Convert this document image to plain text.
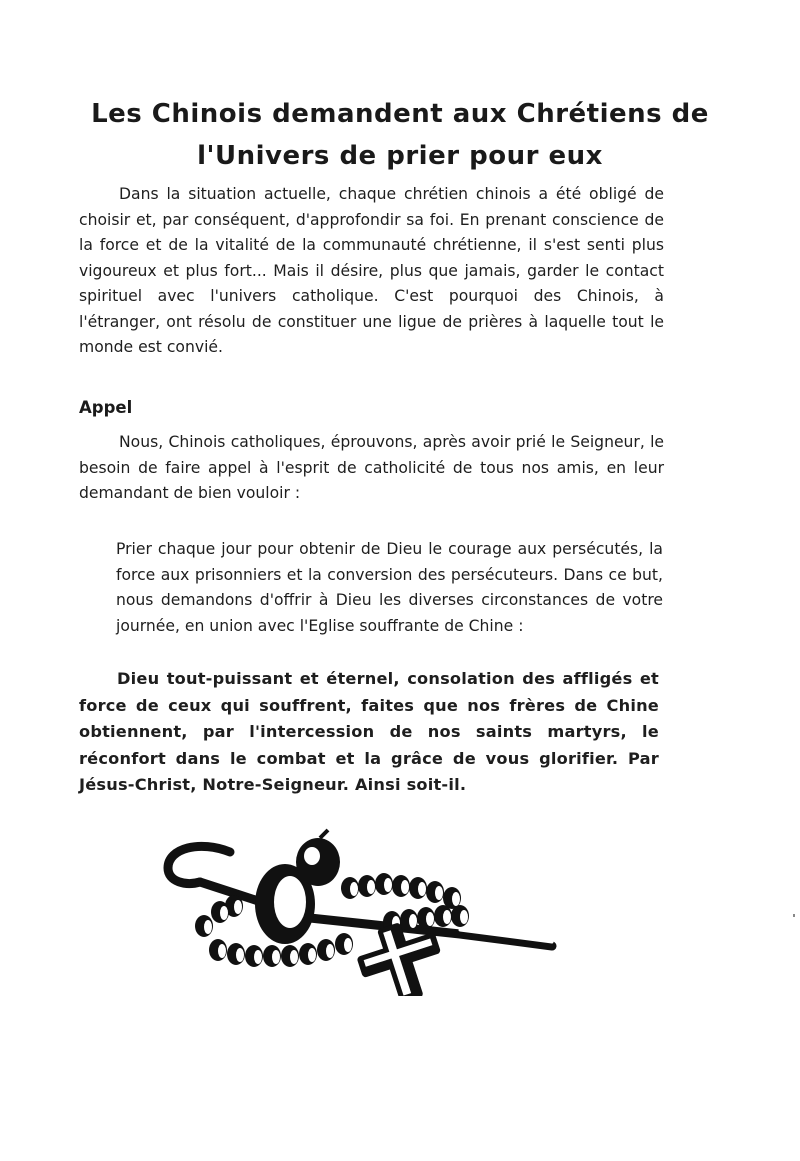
Les Chinois demandent aux Chrétiens de
l'Univers de prier pour eux

Dans la situation actuelle, chaque chrétien chinois a été obligé de choisir et, par conséquent, d'approfondir sa foi. En prenant conscience de la force et de la vitalité de la communauté chrétienne, il s'est senti plus vigoureux et plus fort... Mais il désire, plus que jamais, garder le contact spirituel avec l'univers catholique. C'est pourquoi des Chinois, à l'étranger, ont résolu de constituer une ligue de prières à laquelle tout le monde est convié.

Appel

Nous, Chinois catholiques, éprouvons, après avoir prié le Seigneur, le besoin de faire appel à l'esprit de catholicité de tous nos amis, en leur demandant de bien vouloir :

Prier chaque jour pour obtenir de Dieu le courage aux persécutés, la force aux prisonniers et la conversion des persécuteurs. Dans ce but, nous demandons d'offrir à Dieu les diverses circonstances de votre journée, en union avec l'Eglise souffrante de Chine :

Dieu tout-puissant et éternel, consolation des affligés et force de ceux qui souffrent, faites que nos frères de Chine obtiennent, par l'intercession de nos saints martyrs, le réconfort dans le combat et la grâce de vous glorifier. Par Jésus-Christ, Notre-Seigneur. Ainsi soit-il.
